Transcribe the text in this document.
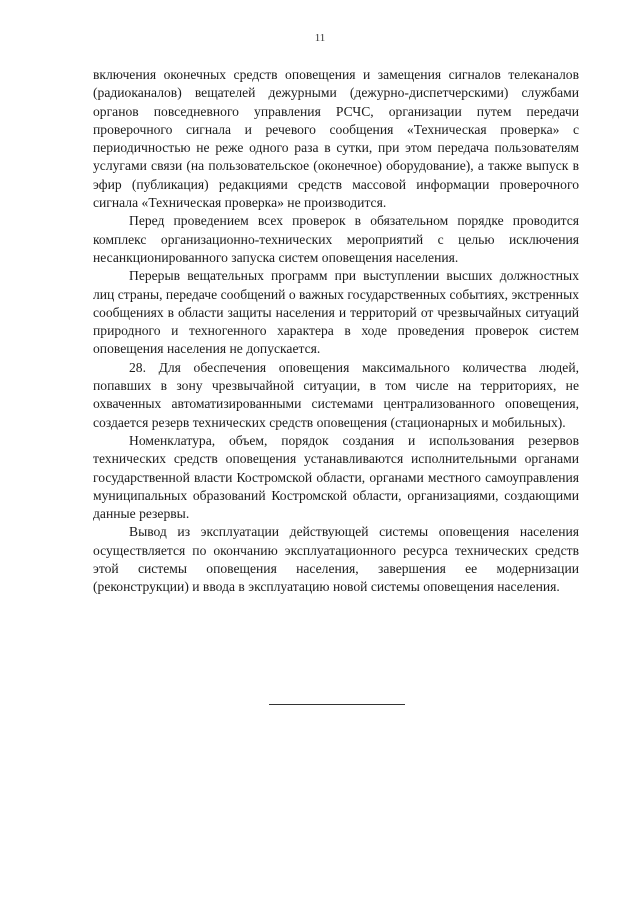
11

включения оконечных средств оповещения и замещения сигналов телеканалов (радиоканалов) вещателей дежурными (дежурно-диспетчерскими) службами органов повседневного управления РСЧС, организации путем передачи проверочного сигнала и речевого сообщения «Техническая проверка» с периодичностью не реже одного раза в сутки, при этом передача пользователям услугами связи (на пользовательское (оконечное) оборудование), а также выпуск в эфир (публикация) редакциями средств массовой информации проверочного сигнала «Техническая проверка» не производится.

Перед проведением всех проверок в обязательном порядке проводится комплекс организационно-технических мероприятий с целью исключения несанкционированного запуска систем оповещения населения.

Перерыв вещательных программ при выступлении высших должностных лиц страны, передаче сообщений о важных государственных событиях, экстренных сообщениях в области защиты населения и территорий от чрезвычайных ситуаций природного и техногенного характера в ходе проведения проверок систем оповещения населения не допускается.

28. Для обеспечения оповещения максимального количества людей, попавших в зону чрезвычайной ситуации, в том числе на территориях, не охваченных автоматизированными системами централизованного оповещения, создается резерв технических средств оповещения (стационарных и мобильных).

Номенклатура, объем, порядок создания и использования резервов технических средств оповещения устанавливаются исполнительными органами государственной власти Костромской области, органами местного самоуправления муниципальных образований Костромской области, организациями, создающими данные резервы.

Вывод из эксплуатации действующей системы оповещения населения осуществляется по окончанию эксплуатационного ресурса технических средств этой системы оповещения населения, завершения ее модернизации (реконструкции) и ввода в эксплуатацию новой системы оповещения населения.
